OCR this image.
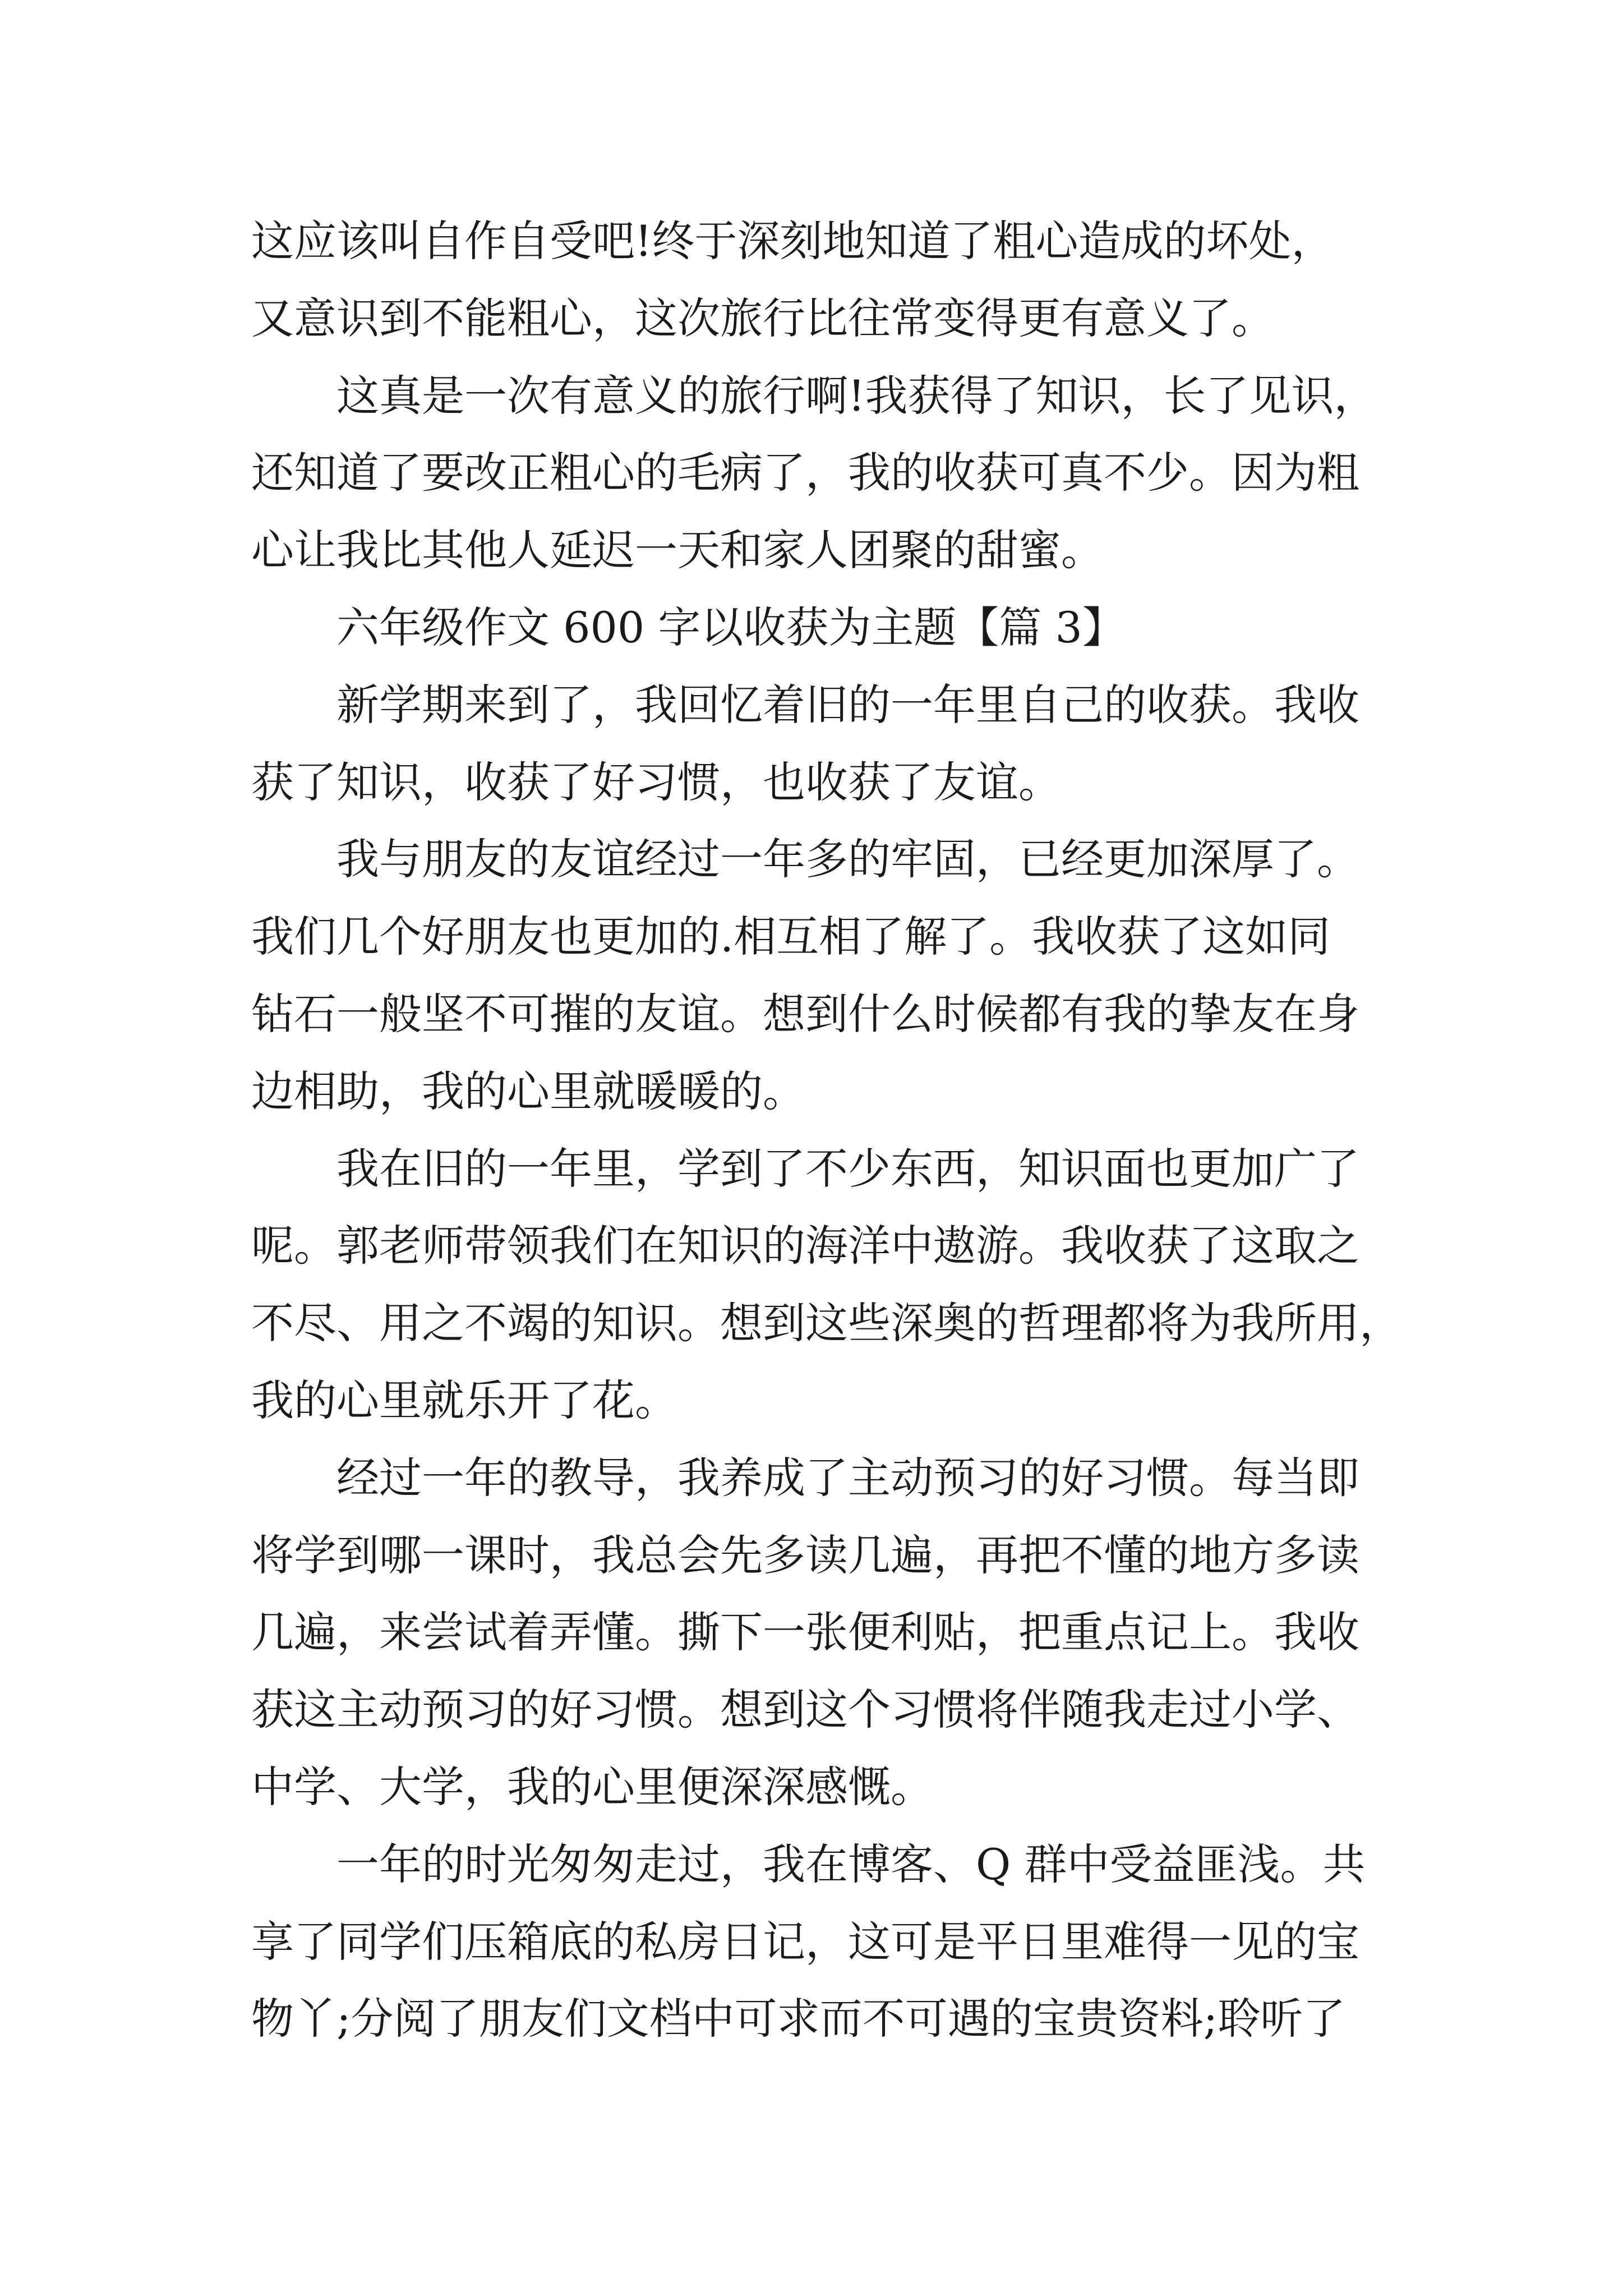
这应该叫自作自受吧!终于深刻地知道了粗心造成的坏处，
又意识到不能粗心，这次旅行比往常变得更有意义了。
这真是一次有意义的旅行啊!我获得了知识，长了见识，
还知道了要改正粗心的毛病了，我的收获可真不少。因为粗
心让我比其他人延迟一天和家人团聚的甜蜜。
六年级作文 600 字以收获为主题【篇 3】
新学期来到了，我回忆着旧的一年里自己的收获。我收
获了知识，收获了好习惯，也收获了友谊。
我与朋友的友谊经过一年多的牢固，已经更加深厚了。
我们几个好朋友也更加的.相互相了解了。我收获了这如同
钻石一般坚不可摧的友谊。想到什么时候都有我的挚友在身
边相助，我的心里就暖暖的。
我在旧的一年里，学到了不少东西，知识面也更加广了
呢。郭老师带领我们在知识的海洋中遨游。我收获了这取之
不尽、用之不竭的知识。想到这些深奥的哲理都将为我所用，
我的心里就乐开了花。
经过一年的教导，我养成了主动预习的好习惯。每当即
将学到哪一课时，我总会先多读几遍，再把不懂的地方多读
几遍，来尝试着弄懂。撕下一张便利贴，把重点记上。我收
获这主动预习的好习惯。想到这个习惯将伴随我走过小学、
中学、大学，我的心里便深深感慨。
一年的时光匆匆走过，我在博客、Q 群中受益匪浅。共
享了同学们压箱底的私房日记，这可是平日里难得一见的宝
物丫;分阅了朋友们文档中可求而不可遇的宝贵资料;聆听了
